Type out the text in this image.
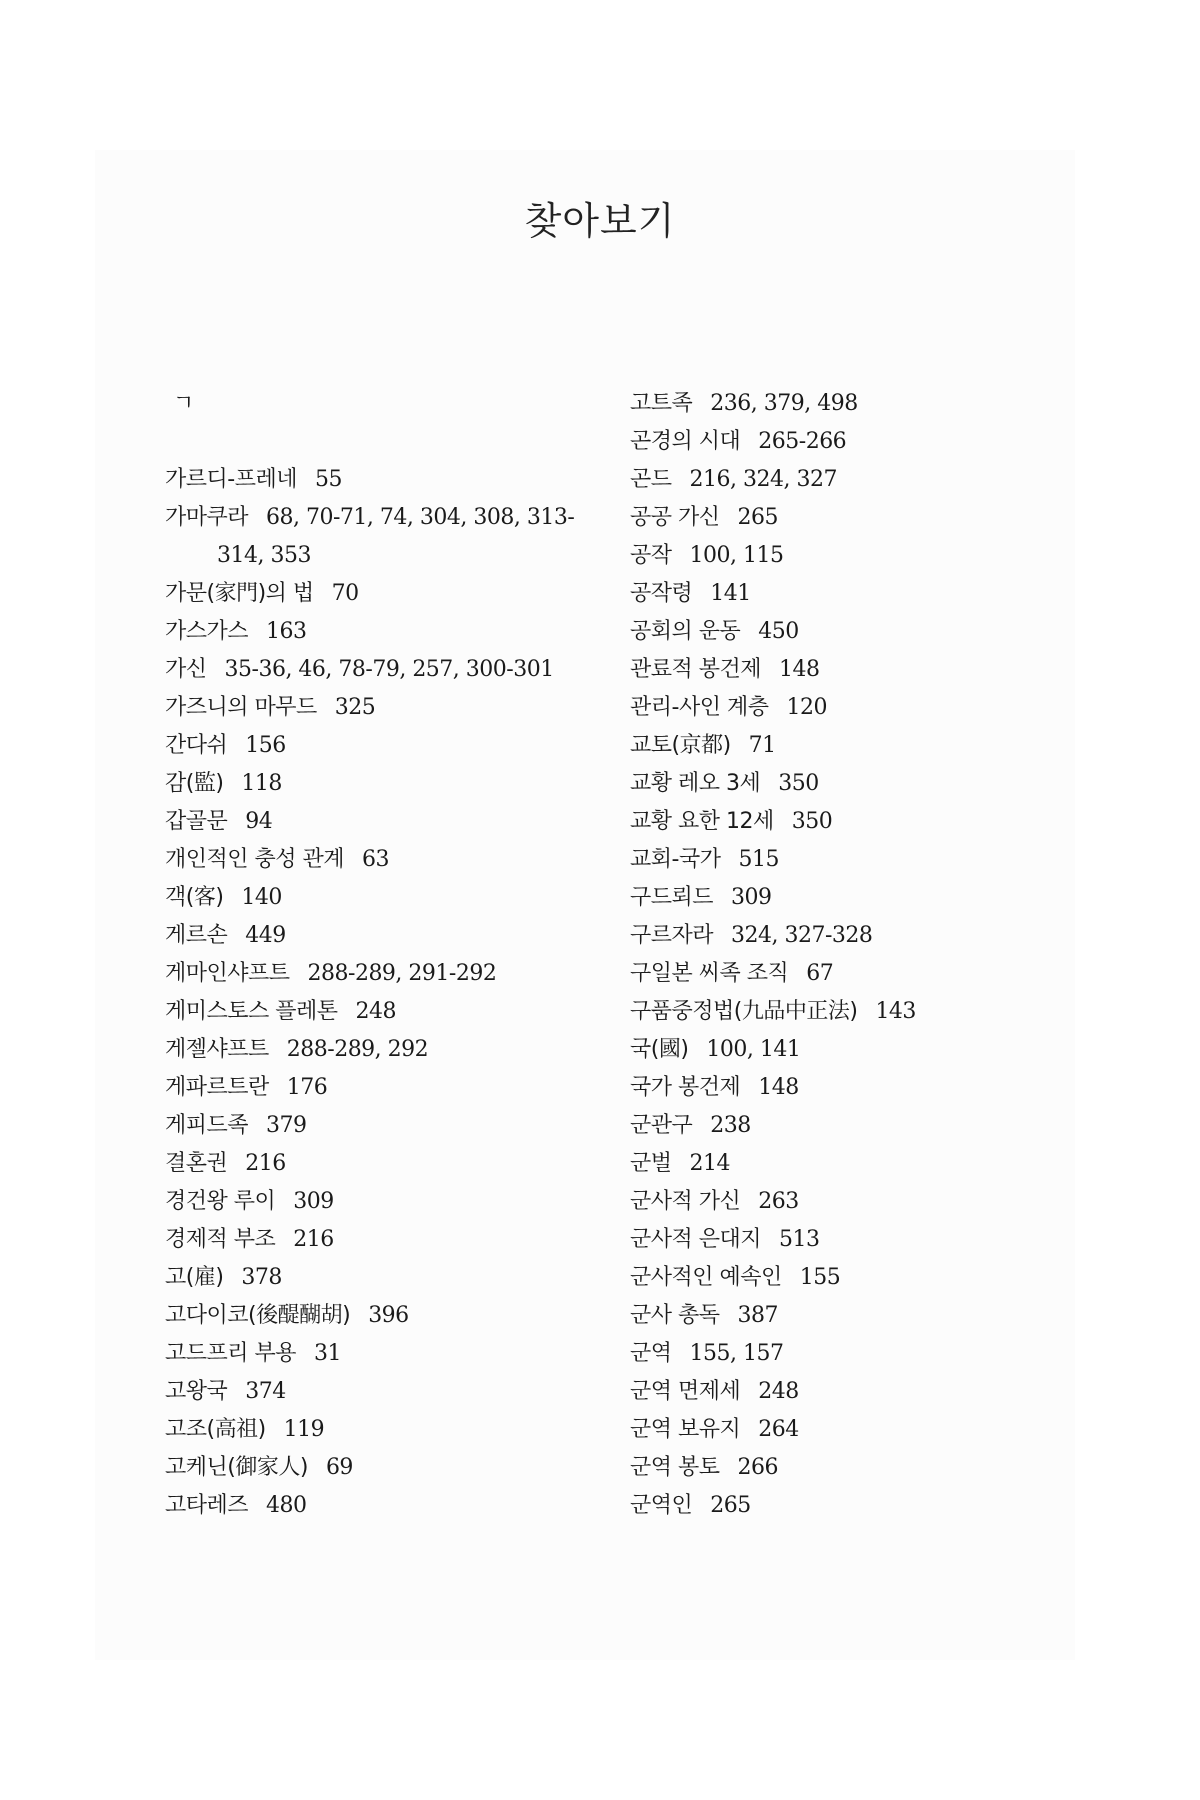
찾아보기
ㄱ
가르디-프레네 55
가마쿠라 68, 70-71, 74, 304, 308, 313-314, 353
가문(家門)의 법 70
가스가스 163
가신 35-36, 46, 78-79, 257, 300-301
가즈니의 마무드 325
간다쉬 156
감(監) 118
갑골문 94
개인적인 충성 관계 63
객(客) 140
게르손 449
게마인샤프트 288-289, 291-292
게미스토스 플레톤 248
게젤샤프트 288-289, 292
게파르트란 176
게피드족 379
결혼권 216
경건왕 루이 309
경제적 부조 216
고(雇) 378
고다이코(後醍醐胡) 396
고드프리 부용 31
고왕국 374
고조(高祖) 119
고케닌(御家人) 69
고타레즈 480
고트족 236, 379, 498
곤경의 시대 265-266
곤드 216, 324, 327
공공 가신 265
공작 100, 115
공작령 141
공회의 운동 450
관료적 봉건제 148
관리-사인 계층 120
교토(京都) 71
교황 레오 3세 350
교황 요한 12세 350
교회-국가 515
구드뢰드 309
구르자라 324, 327-328
구일본 씨족 조직 67
구품중정법(九品中正法) 143
국(國) 100, 141
국가 봉건제 148
군관구 238
군벌 214
군사적 가신 263
군사적 은대지 513
군사적인 예속인 155
군사 총독 387
군역 155, 157
군역 면제세 248
군역 보유지 264
군역 봉토 266
군역인 265
